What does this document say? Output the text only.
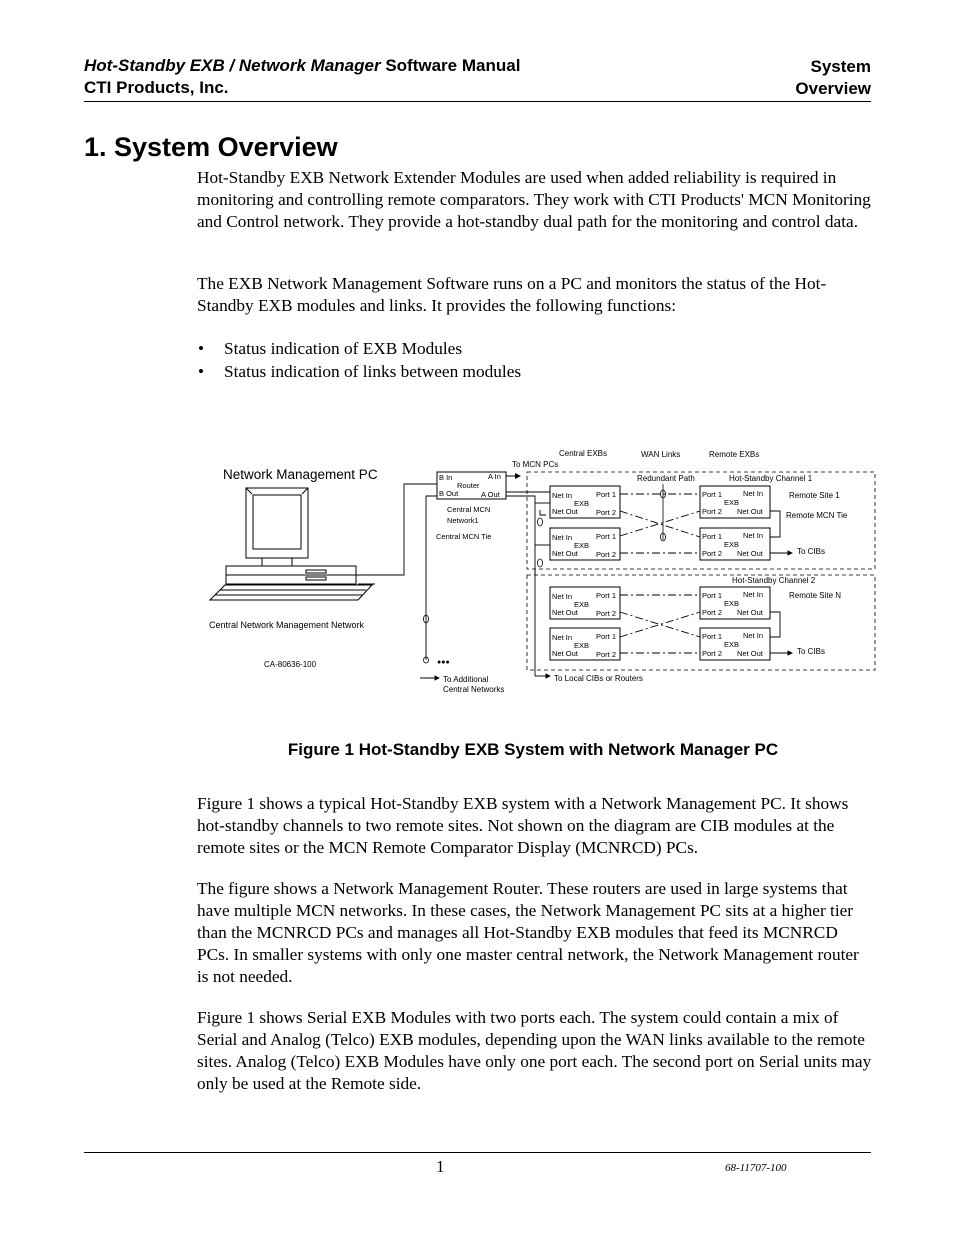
Hot-Standby EXB / Network Manager Software Manual
CTI Products, Inc.
System
Overview
1. System Overview
Hot-Standby EXB Network Extender Modules are used when added reliability is required in monitoring and controlling remote comparators. They work with CTI Products' MCN Monitoring and Control network. They provide a hot-standby dual path for the monitoring and control data.
The EXB Network Management Software runs on a PC and monitors the status of the Hot-Standby EXB modules and links. It provides the following functions:
• Status indication of EXB Modules
• Status indication of links between modules
Network Management PC
Central EXBs	WAN Links	Remote EXBs
To MCN PCs
Redundant Path	Hot-Standby Channel 1
B In	A In
Router
B Out	A Out
Central MCN
Network1
Central MCN Tie
Hot-Standby Channel 2
Net In	Port 1
EXB
Net Out Port 2
Net In	Port 1
EXB
Net Out Port 2
Net In	Port 1
EXB
Net Out Port 2
Net In	Port 1
EXB
Net Out Port 2
Port 1	Net In
EXB
Port 2 Net Out
Port 1	Net In
EXB
Port 2 Net Out
Port 1	Net In
EXB
Port 2 Net Out
Port 1	Net In
EXB
Port 2 Net Out
Remote Site 1
Remote MCN Tie
To CIBs
Remote Site N
To CIBs
Central Network Management Network
CA-80636-100	●●●
To Additional
Central Networks
To Local CIBs or Routers
Figure 1 Hot-Standby EXB System with Network Manager PC
Figure 1 shows a typical Hot-Standby EXB system with a Network Management PC. It shows hot-standby channels to two remote sites. Not shown on the diagram are CIB modules at the remote sites or the MCN Remote Comparator Display (MCNRCD) PCs.
The figure shows a Network Management Router. These routers are used in large systems that have multiple MCN networks. In these cases, the Network Management PC sits at a higher tier than the MCNRCD PCs and manages all Hot-Standby EXB modules that feed its MCNRCD PCs. In smaller systems with only one master central network, the Network Management router is not needed.
Figure 1 shows Serial EXB Modules with two ports each. The system could contain a mix of Serial and Analog (Telco) EXB modules, depending upon the WAN links available to the remote sites. Analog (Telco) EXB Modules have only one port each. The second port on Serial units may only be used at the Remote side.
1	68-11707-100
